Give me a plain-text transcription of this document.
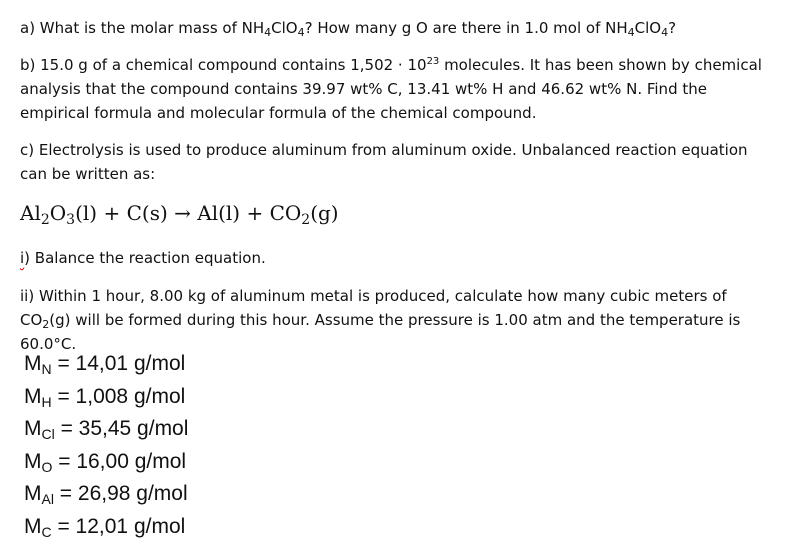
a) What is the molar mass of $NH_4ClO_4$? How many g O are there in 1.0 mol of $NH_4ClO_4$?

b) 15.0 g of a chemical compound contains $1,502 \cdot 10^{23}$ molecules. It has been shown by chemical analysis that the compound contains 39.97 wt% C, 13.41 wt% H and 46.62 wt% N. Find the empirical formula and molecular formula of the chemical compound.

c) Electrolysis is used to produce aluminum from aluminum oxide. Unbalanced reaction equation can be written as:

$Al_2O_3(l) + C(s) \to Al(l) + CO_2(g)$

i) Balance the reaction equation.

ii) Within 1 hour, 8.00 kg of aluminum metal is produced, calculate how many cubic meters of $CO_2(g)$ will be formed during this hour. Assume the pressure is 1.00 atm and the temperature is 60.0°C.

MN = 14,01 g/mol
MH = 1,008 g/mol
MCl = 35,45 g/mol
MO = 16,00 g/mol
MAl = 26,98 g/mol
MC = 12,01 g/mol
